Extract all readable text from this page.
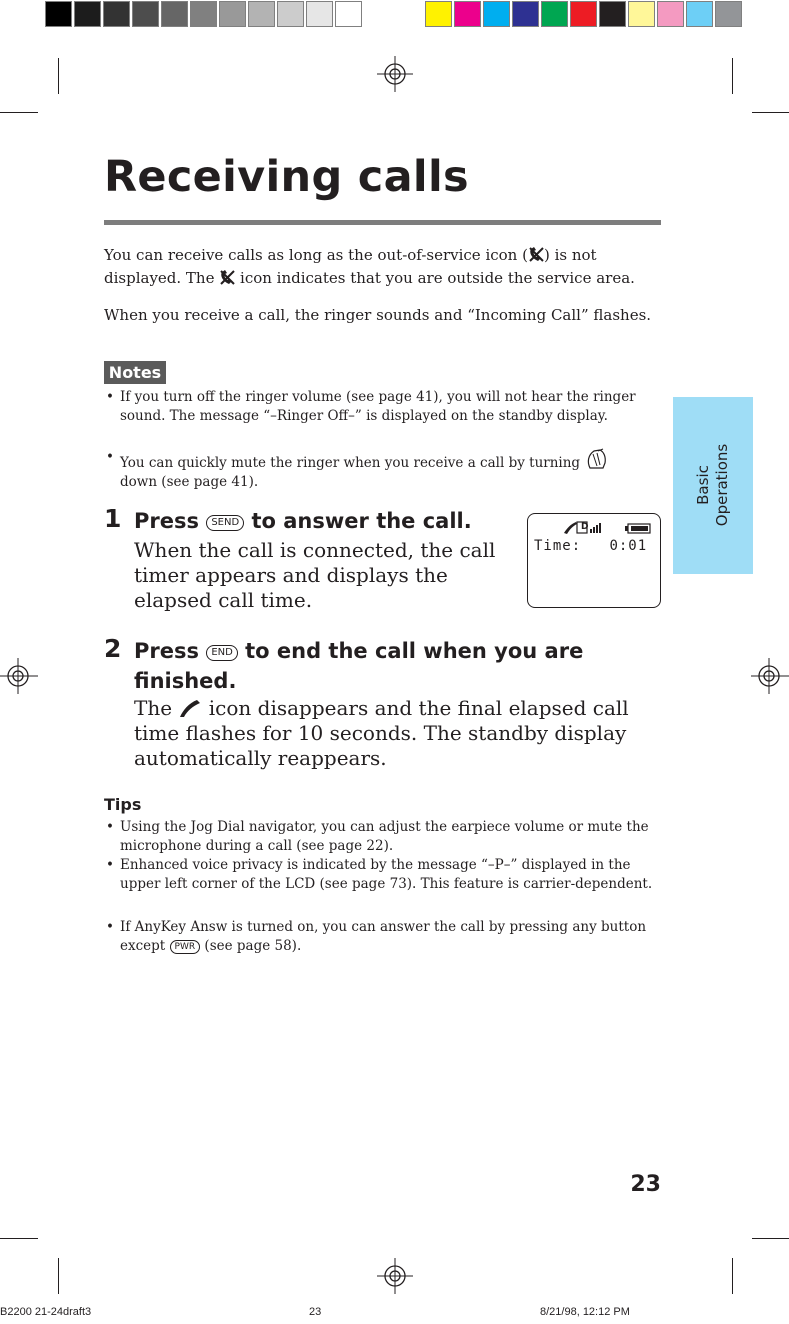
Receiving calls
You can receive calls as long as the out-of-service icon ( ) is not
displayed. The  icon indicates that you are outside the service area.
When you receive a call, the ringer sounds and “Incoming Call” flashes.
Notes
• If you turn off the ringer volume (see page 41), you will not hear the ringer sound. The message “–Ringer Off–” is displayed on the standby display.
• You can quickly mute the ringer when you receive a call by turning
down (see page 41).
1 Press SEND to answer the call.
When the call is connected, the call timer appears and displays the elapsed call time.
D
Time: 0:01
2 Press END to end the call when you are
finished.
The  icon disappears and the final elapsed call time flashes for 10 seconds. The standby display automatically reappears.
Tips
• Using the Jog Dial navigator, you can adjust the earpiece volume or mute the microphone during a call (see page 22).
• Enhanced voice privacy is indicated by the message “–P–” displayed in the upper left corner of the LCD (see page 73). This feature is carrier-dependent.
• If AnyKey Answ is turned on, you can answer the call by pressing any button except PWR (see page 58).
Basic Operations
23
B2200 21-24draft3	23	8/21/98, 12:12 PM
